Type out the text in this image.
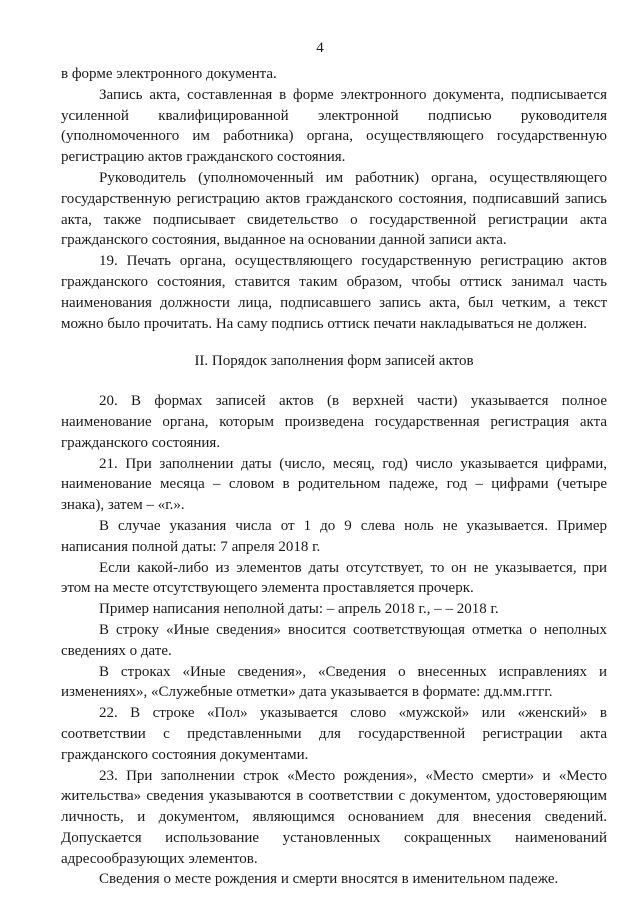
4

в форме электронного документа.

Запись акта, составленная в форме электронного документа, подписывается усиленной квалифицированной электронной подписью руководителя (уполномоченного им работника) органа, осуществляющего государственную регистрацию актов гражданского состояния.

Руководитель (уполномоченный им работник) органа, осуществляющего государственную регистрацию актов гражданского состояния, подписавший запись акта, также подписывает свидетельство о государственной регистрации акта гражданского состояния, выданное на основании данной записи акта.

19. Печать органа, осуществляющего государственную регистрацию актов гражданского состояния, ставится таким образом, чтобы оттиск занимал часть наименования должности лица, подписавшего запись акта, был четким, а текст можно было прочитать. На саму подпись оттиск печати накладываться не должен.

II. Порядок заполнения форм записей актов

20. В формах записей актов (в верхней части) указывается полное наименование органа, которым произведена государственная регистрация акта гражданского состояния.

21. При заполнении даты (число, месяц, год) число указывается цифрами, наименование месяца – словом в родительном падеже, год – цифрами (четыре знака), затем – «г.».

В случае указания числа от 1 до 9 слева ноль не указывается. Пример написания полной даты: 7 апреля 2018 г.

Если какой-либо из элементов даты отсутствует, то он не указывается, при этом на месте отсутствующего элемента проставляется прочерк.

Пример написания неполной даты: – апрель 2018 г., – – 2018 г.

В строку «Иные сведения» вносится соответствующая отметка о неполных сведениях о дате.

В строках «Иные сведения», «Сведения о внесенных исправлениях и изменениях», «Служебные отметки» дата указывается в формате: дд.мм.гггг.

22. В строке «Пол» указывается слово «мужской» или «женский» в соответствии с представленными для государственной регистрации акта гражданского состояния документами.

23. При заполнении строк «Место рождения», «Место смерти» и «Место жительства» сведения указываются в соответствии с документом, удостоверяющим личность, и документом, являющимся основанием для внесения сведений. Допускается использование установленных сокращенных наименований адресообразующих элементов.

Сведения о месте рождения и смерти вносятся в именительном падеже.
